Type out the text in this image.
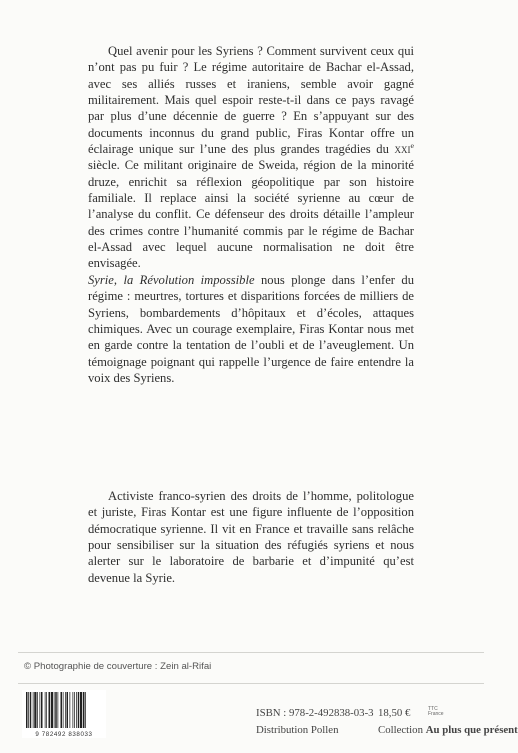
Quel avenir pour les Syriens ? Comment survivent ceux qui n’ont pas pu fuir ? Le régime autoritaire de Bachar el-Assad, avec ses alliés russes et iraniens, semble avoir gagné militairement. Mais quel espoir reste-t-il dans ce pays ravagé par plus d’une décennie de guerre ? En s’appuyant sur des documents inconnus du grand public, Firas Kontar offre un éclairage unique sur l’une des plus grandes tragédies du xxi$^e$ siècle. Ce militant originaire de Sweida, région de la minorité druze, enrichit sa réflexion géopolitique par son histoire familiale. Il replace ainsi la société syrienne au cœur de l’analyse du conflit. Ce défenseur des droits détaille l’ampleur des crimes contre l’humanité commis par le régime de Bachar el-Assad avec lequel aucune normalisation ne doit être envisagée.
Syrie, la Révolution impossible nous plonge dans l’enfer du régime : meurtres, tortures et disparitions forcées de milliers de Syriens, bombardements d’hôpitaux et d’écoles, attaques chimiques. Avec un courage exemplaire, Firas Kontar nous met en garde contre la tentation de l’oubli et de l’aveuglement. Un témoignage poignant qui rappelle l’urgence de faire entendre la voix des Syriens.

Activiste franco-syrien des droits de l’homme, politologue et juriste, Firas Kontar est une figure influente de l’opposition démocratique syrienne. Il vit en France et travaille sans relâche pour sensibiliser sur la situation des réfugiés syriens et nous alerter sur le laboratoire de barbarie et d’impunité qu’est devenue la Syrie.

© Photographie de couverture : Zein al-Rifai
9 782492 838033
ISBN : 978-2-492838-03-3
Distribution Pollen
18,50 €	TTC France
Collection Au plus que présent
